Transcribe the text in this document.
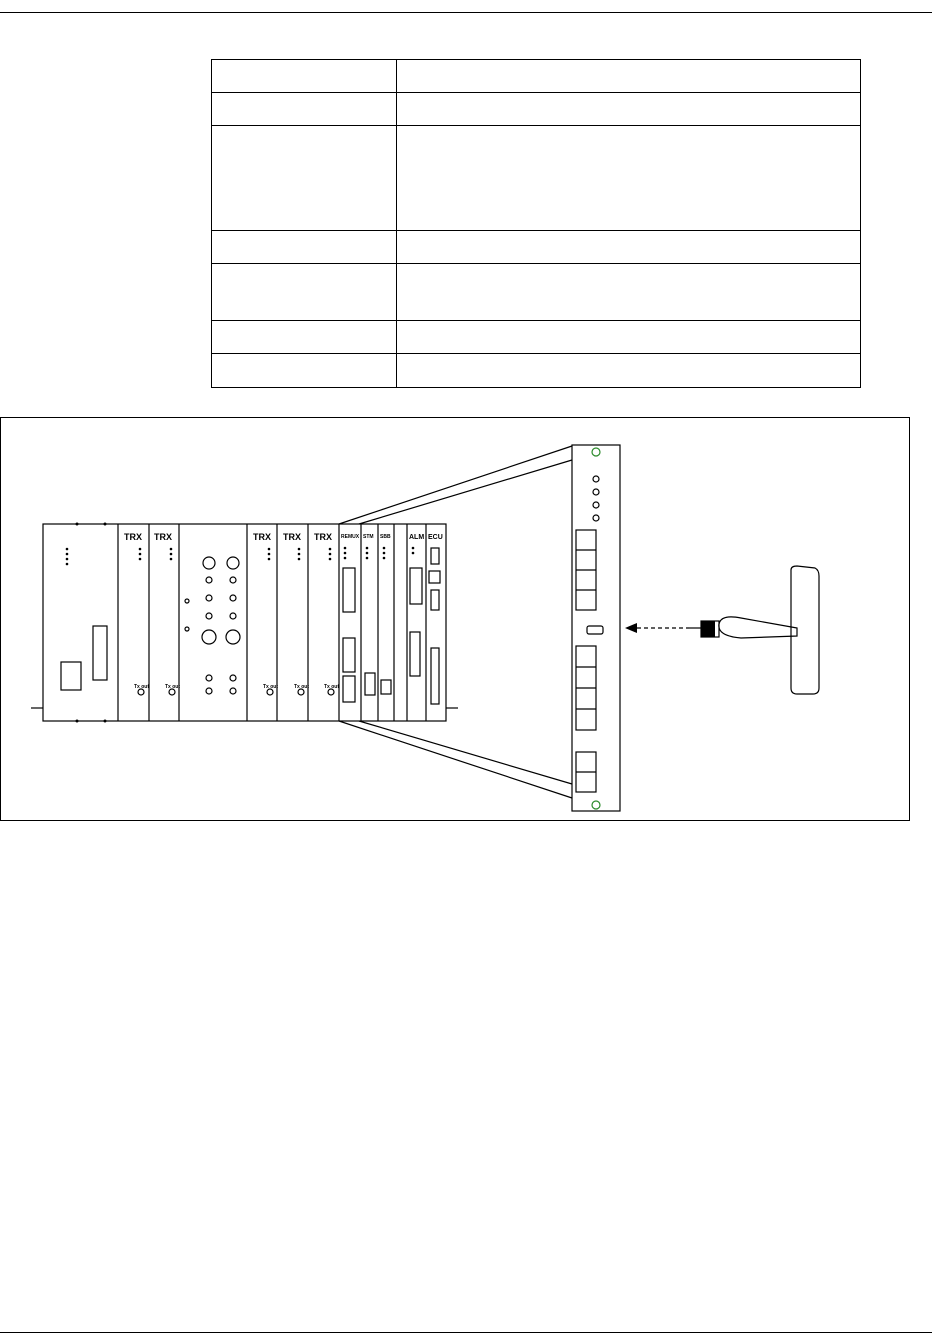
TRX TRX	TRX TRX TRX REMUX STM SBB	ALM ECU
Tx out	Tx out	Tx out	Tx out	Tx out
